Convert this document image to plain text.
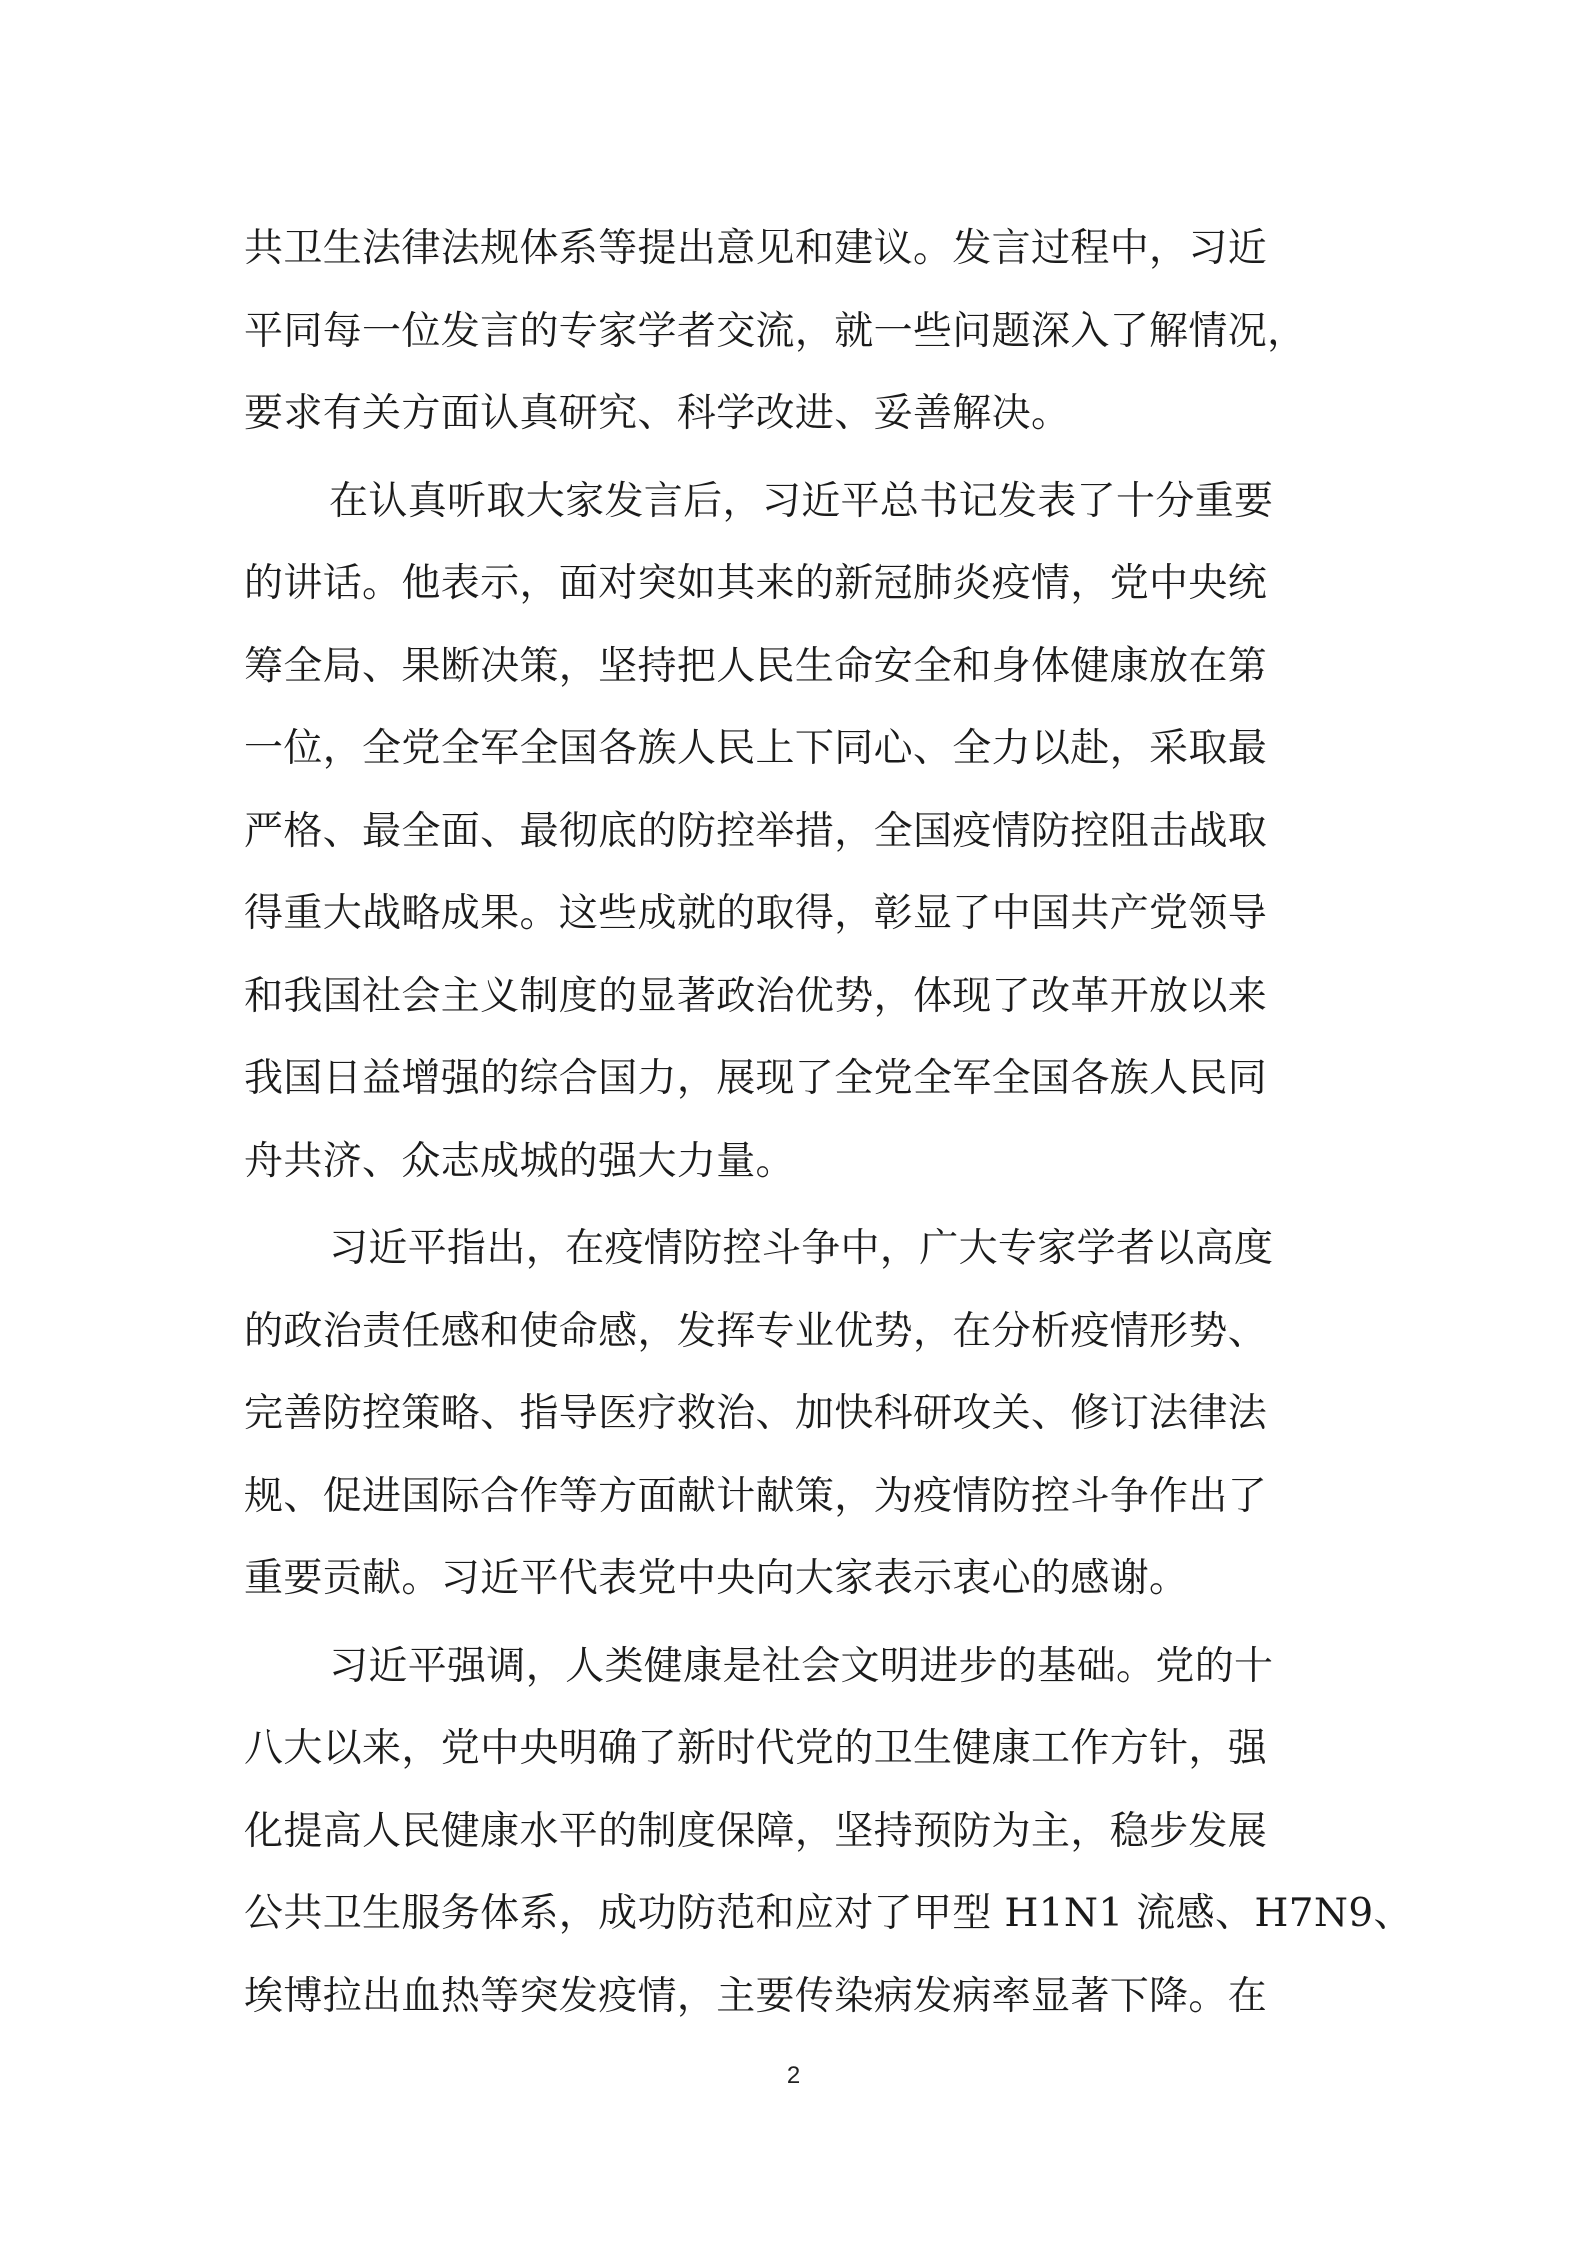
共卫生法律法规体系等提出意见和建议。发言过程中，习近
平同每一位发言的专家学者交流，就一些问题深入了解情况，
要求有关方面认真研究、科学改进、妥善解决。
在认真听取大家发言后，习近平总书记发表了十分重要
的讲话。他表示，面对突如其来的新冠肺炎疫情，党中央统
筹全局、果断决策，坚持把人民生命安全和身体健康放在第
一位，全党全军全国各族人民上下同心、全力以赴，采取最
严格、最全面、最彻底的防控举措，全国疫情防控阻击战取
得重大战略成果。这些成就的取得，彰显了中国共产党领导
和我国社会主义制度的显著政治优势，体现了改革开放以来
我国日益增强的综合国力，展现了全党全军全国各族人民同
舟共济、众志成城的强大力量。
习近平指出，在疫情防控斗争中，广大专家学者以高度
的政治责任感和使命感，发挥专业优势，在分析疫情形势、
完善防控策略、指导医疗救治、加快科研攻关、修订法律法
规、促进国际合作等方面献计献策，为疫情防控斗争作出了
重要贡献。习近平代表党中央向大家表示衷心的感谢。
习近平强调，人类健康是社会文明进步的基础。党的十
八大以来，党中央明确了新时代党的卫生健康工作方针，强
化提高人民健康水平的制度保障，坚持预防为主，稳步发展
公共卫生服务体系，成功防范和应对了甲型 H1N1 流感、H7N9、
埃博拉出血热等突发疫情，主要传染病发病率显著下降。在
2
